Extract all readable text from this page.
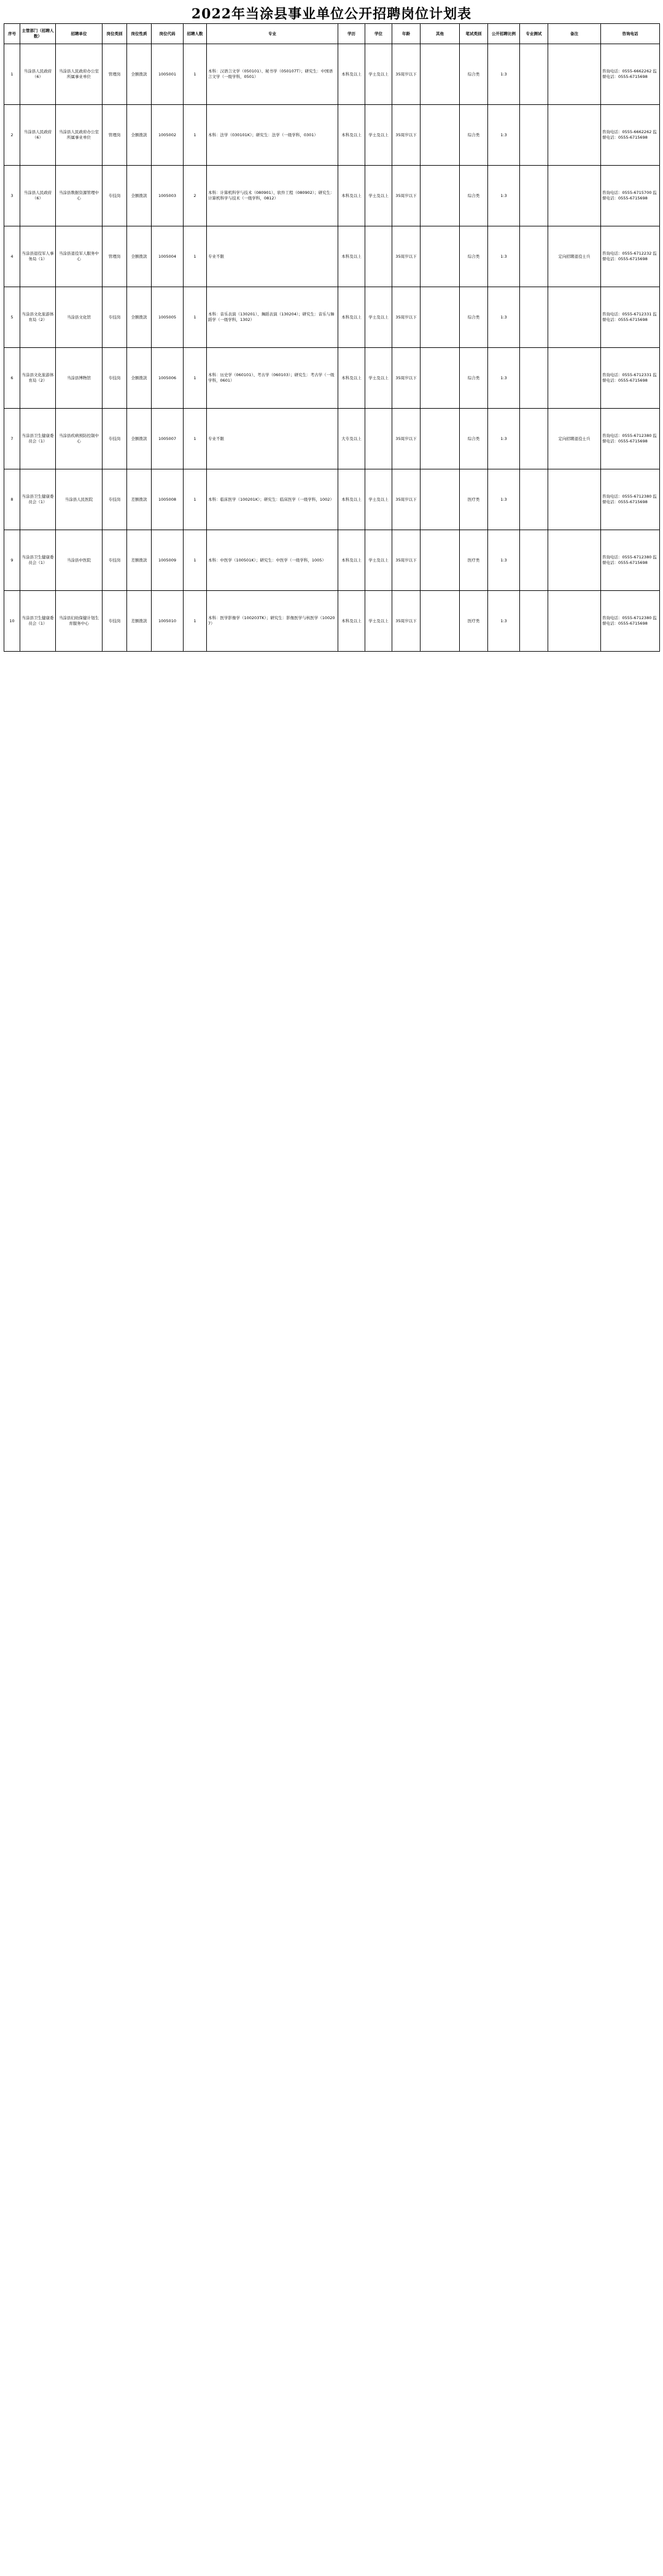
2022年当涂县事业单位公开招聘岗位计划表
序号	主管部门（招聘人数）	招聘单位	岗位类别	岗位性质	岗位代码	招聘人数	专业	学历	学位	年龄	其他	笔试类别	公开招聘比例	专业测试	备注	咨询电话
1	当涂县人民政府（6）	当涂县人民政府办公室所属事业单位	管理岗	全额拨款	1005001	1	本科：汉语言文学（050101）、秘书学（050107T）；研究生：中国语言文学（一级学科，0501）	本科及以上	学士及以上	35周岁以下		综合类	1:3			咨询电话：0555-6662262 监督电话：0555-6715698
2	当涂县人民政府（6）	当涂县人民政府办公室所属事业单位	管理岗	全额拨款	1005002	1	本科：法学（030101K）；研究生：法学（一级学科，0301）	本科及以上	学士及以上	35周岁以下		综合类	1:3			咨询电话：0555-6662262 监督电话：0555-6715698
3	当涂县人民政府（6）	当涂县数据资源管理中心	专技岗	全额拨款	1005003	2	本科：计算机科学与技术（080901）、软件工程（080902）；研究生：计算机科学与技术（一级学科，0812）	本科及以上	学士及以上	35周岁以下		综合类	1:3			咨询电话：0555-6715700 监督电话：0555-6715698
4	当涂县退役军人事务局（1）	当涂县退役军人服务中心	管理岗	全额拨款	1005004	1	专业不限	本科及以上		35周岁以下		综合类	1:3		定向招聘退役士兵	咨询电话：0555-6712232 监督电话：0555-6715698
5	当涂县文化旅游体育局（2）	当涂县文化馆	专技岗	全额拨款	1005005	1	本科：音乐表演（130201）、舞蹈表演（130204）；研究生：音乐与舞蹈学（一级学科，1302）	本科及以上	学士及以上	35周岁以下		综合类	1:3			咨询电话：0555-6712331 监督电话：0555-6715698
6	当涂县文化旅游体育局（2）	当涂县博物馆	专技岗	全额拨款	1005006	1	本科：历史学（060101）、考古学（060103）；研究生：考古学（一级学科，0601）	本科及以上	学士及以上	35周岁以下		综合类	1:3			咨询电话：0555-6712331 监督电话：0555-6715698
7	当涂县卫生健康委员会（1）	当涂县疾病预防控制中心	专技岗	全额拨款	1005007	1	专业不限	大专及以上		35周岁以下		综合类	1:3		定向招聘退役士兵	咨询电话：0555-6712380 监督电话：0555-6715698
8	当涂县卫生健康委员会（1）	当涂县人民医院	专技岗	差额拨款	1005008	1	本科：临床医学（100201K）；研究生：临床医学（一级学科，1002）	本科及以上	学士及以上	35周岁以下		医疗类	1:3			咨询电话：0555-6712380 监督电话：0555-6715698
9	当涂县卫生健康委员会（1）	当涂县中医院	专技岗	差额拨款	1005009	1	本科：中医学（100501K）；研究生：中医学（一级学科，1005）	本科及以上	学士及以上	35周岁以下		医疗类	1:3			咨询电话：0555-6712380 监督电话：0555-6715698
10	当涂县卫生健康委员会（1）	当涂县妇幼保健计划生育服务中心	专技岗	差额拨款	1005010	1	本科：医学影像学（100203TK）；研究生：影像医学与核医学（100207）	本科及以上	学士及以上	35周岁以下		医疗类	1:3			咨询电话：0555-6712380 监督电话：0555-6715698
